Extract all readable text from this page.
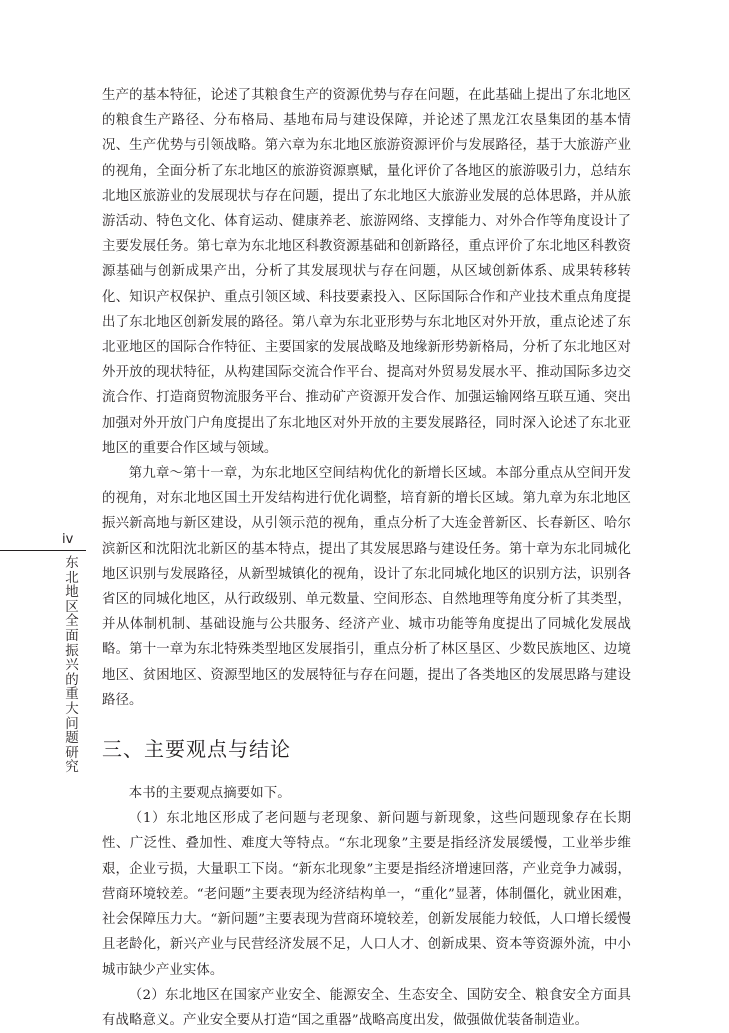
iv
东北地区全面振兴的重大问题研究

生产的基本特征，论述了其粮食生产的资源优势与存在问题，在此基础上提出了东北地区的粮食生产路径、分布格局、基地布局与建设保障，并论述了黑龙江农垦集团的基本情况、生产优势与引领战略。第六章为东北地区旅游资源评价与发展路径，基于大旅游产业的视角，全面分析了东北地区的旅游资源禀赋，量化评价了各地区的旅游吸引力，总结东北地区旅游业的发展现状与存在问题，提出了东北地区大旅游业发展的总体思路，并从旅游活动、特色文化、体育运动、健康养老、旅游网络、支撑能力、对外合作等角度设计了主要发展任务。第七章为东北地区科教资源基础和创新路径，重点评价了东北地区科教资源基础与创新成果产出，分析了其发展现状与存在问题，从区域创新体系、成果转移转化、知识产权保护、重点引领区域、科技要素投入、区际国际合作和产业技术重点角度提出了东北地区创新发展的路径。第八章为东北亚形势与东北地区对外开放，重点论述了东北亚地区的国际合作特征、主要国家的发展战略及地缘新形势新格局，分析了东北地区对外开放的现状特征，从构建国际交流合作平台、提高对外贸易发展水平、推动国际多边交流合作、打造商贸物流服务平台、推动矿产资源开发合作、加强运输网络互联互通、突出加强对外开放门户角度提出了东北地区对外开放的主要发展路径，同时深入论述了东北亚地区的重要合作区域与领域。

第九章～第十一章，为东北地区空间结构优化的新增长区域。本部分重点从空间开发的视角，对东北地区国土开发结构进行优化调整，培育新的增长区域。第九章为东北地区振兴新高地与新区建设，从引领示范的视角，重点分析了大连金普新区、长春新区、哈尔滨新区和沈阳沈北新区的基本特点，提出了其发展思路与建设任务。第十章为东北同城化地区识别与发展路径，从新型城镇化的视角，设计了东北同城化地区的识别方法，识别各省区的同城化地区，从行政级别、单元数量、空间形态、自然地理等角度分析了其类型，并从体制机制、基础设施与公共服务、经济产业、城市功能等角度提出了同城化发展战略。第十一章为东北特殊类型地区发展指引，重点分析了林区垦区、少数民族地区、边境地区、贫困地区、资源型地区的发展特征与存在问题，提出了各类地区的发展思路与建设路径。

三、主要观点与结论

本书的主要观点摘要如下。

（1）东北地区形成了老问题与老现象、新问题与新现象，这些问题现象存在长期性、广泛性、叠加性、难度大等特点。“东北现象”主要是指经济发展缓慢，工业举步维艰，企业亏损，大量职工下岗。“新东北现象”主要是指经济增速回落，产业竞争力减弱，营商环境较差。“老问题”主要表现为经济结构单一，“重化”显著，体制僵化，就业困难，社会保障压力大。“新问题”主要表现为营商环境较差，创新发展能力较低，人口增长缓慢且老龄化，新兴产业与民营经济发展不足，人口人才、创新成果、资本等资源外流，中小城市缺少产业实体。

（2）东北地区在国家产业安全、能源安全、生态安全、国防安全、粮食安全方面具有战略意义。产业安全要从打造“国之重器”战略高度出发，做强做优装备制造业。
